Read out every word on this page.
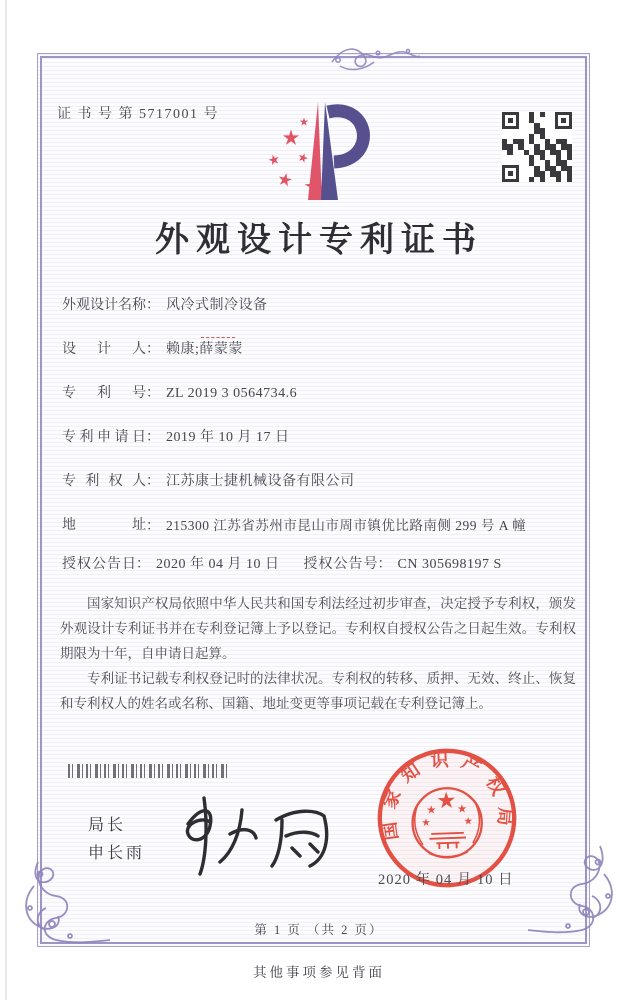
证 书 号 第 5717001 号
外观设计专利证书
外观设计名称： 风冷式制冷设备
设计人： 赖康;
薛蒙蒙
专利号： ZL 2019 3 0564734.6
专利申请日： 2019 年 10 月 17 日
专利权人： 江苏康士捷机械设备有限公司
地址： 215300 江苏省苏州市昆山市周市镇优比路南侧 299 号 A 幢
授权公告日： 2020 年 04 月 10 日 授权公告号： CN 305698197 S

国家知识产权局依照中华人民共和国专利法经过初步审查，决定授予专利权，颁发外观设计专利证书并在专利登记簿上予以登记。专利权自授权公告之日起生效。专利权期限为十年，自申请日起算。

专利证书记载专利权登记时的法律状况。专利权的转移、质押、无效、终止、恢复和专利权人的姓名或名称、国籍、地址变更等事项记载在专利登记簿上。

局长
申长雨
国家知识产权局
2020 年 04 月 10 日
第 1 页 （共 2 页）
其他事项参见背面
